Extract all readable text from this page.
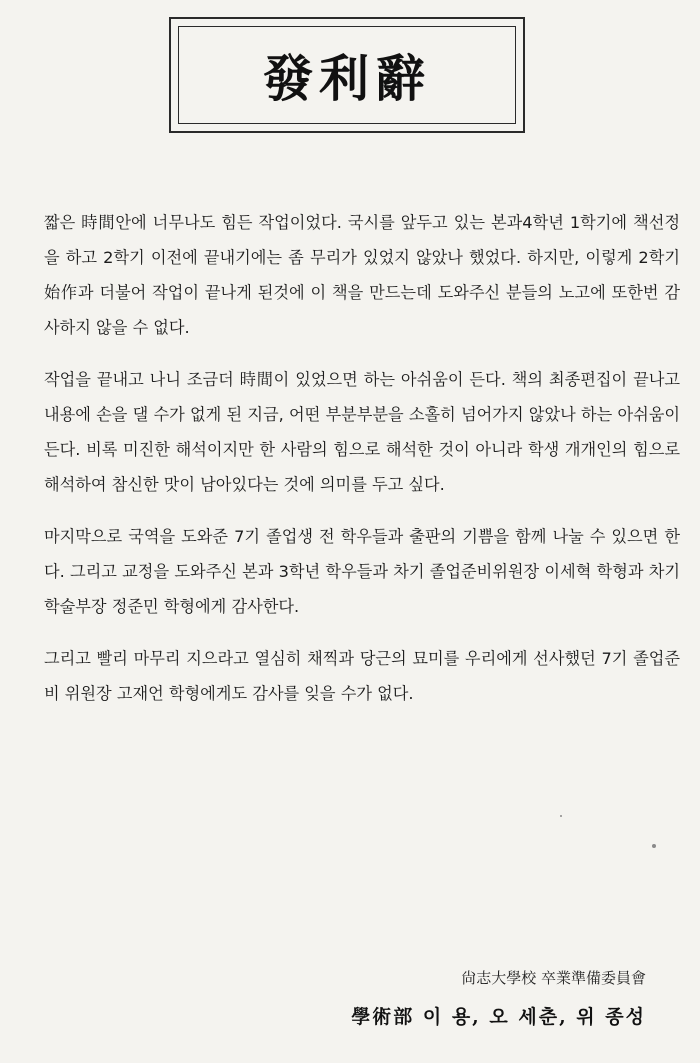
發利辭

짧은 時間안에 너무나도 힘든 작업이었다. 국시를 앞두고 있는 본과4학년 1학기에 책선정을 하고 2학기 이전에 끝내기에는 좀 무리가 있었지 않았나 했었다. 하지만, 이렇게 2학기 始作과 더불어 작업이 끝나게 된것에 이 책을 만드는데 도와주신 분들의 노고에 또한번 감사하지 않을 수 없다.

작업을 끝내고 나니 조금더 時間이 있었으면 하는 아쉬움이 든다. 책의 최종편집이 끝나고 내용에 손을 댈 수가 없게 된 지금, 어떤 부분부분을 소홀히 넘어가지 않았나 하는 아쉬움이 든다. 비록 미진한 해석이지만 한 사람의 힘으로 해석한 것이 아니라 학생 개개인의 힘으로 해석하여 참신한 맛이 남아있다는 것에 의미를 두고 싶다.

마지막으로 국역을 도와준 7기 졸업생 전 학우들과 출판의 기쁨을 함께 나눌 수 있으면 한다. 그리고 교정을 도와주신 본과 3학년 학우들과 차기 졸업준비위원장 이세혁 학형과 차기 학술부장 정준민 학형에게 감사한다.

그리고 빨리 마무리 지으라고 열심히 채찍과 당근의 묘미를 우리에게 선사했던 7기 졸업준비 위원장 고재언 학형에게도 감사를 잊을 수가 없다.

尙志大學校 卒業準備委員會
學術部 이 용, 오 세춘, 위 종성
